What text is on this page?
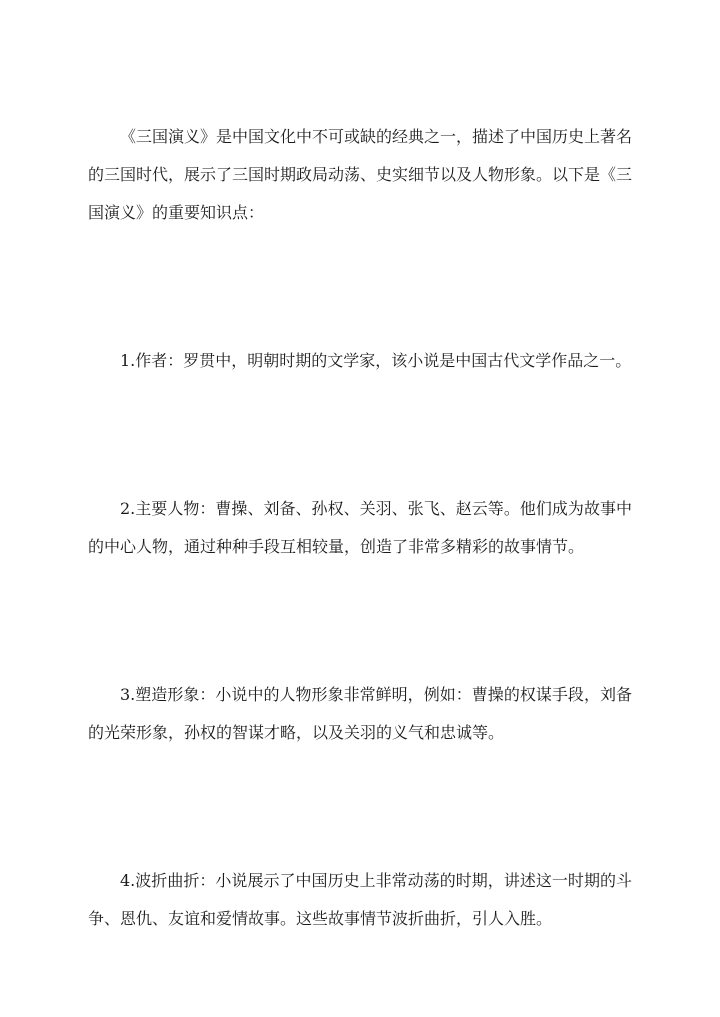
《三国演义》是中国文化中不可或缺的经典之一，描述了中国历史上著名的三国时代，展示了三国时期政局动荡、史实细节以及人物形象。以下是《三国演义》的重要知识点：

1.作者：罗贯中，明朝时期的文学家，该小说是中国古代文学作品之一。

2.主要人物：曹操、刘备、孙权、关羽、张飞、赵云等。他们成为故事中的中心人物，通过种种手段互相较量，创造了非常多精彩的故事情节。

3.塑造形象：小说中的人物形象非常鲜明，例如：曹操的权谋手段，刘备的光荣形象，孙权的智谋才略，以及关羽的义气和忠诚等。

4.波折曲折：小说展示了中国历史上非常动荡的时期，讲述这一时期的斗争、恩仇、友谊和爱情故事。这些故事情节波折曲折，引人入胜。
